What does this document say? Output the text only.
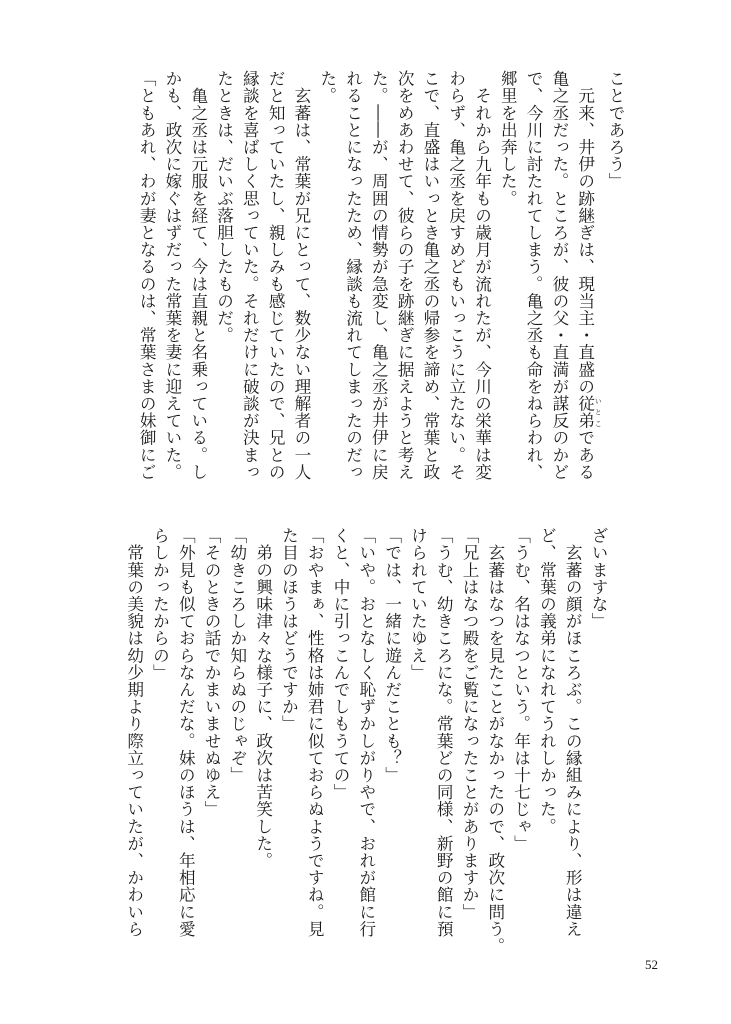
ことであろう」

　元来、井伊の跡継ぎは、現当主・直盛の従弟 いとこである

亀之丞だった。ところが、彼の父・直満が謀反のかど

で、今川に討たれてしまう。亀之丞も命をねらわれ、

郷里を出奔した。

　それから九年もの歳月が流れたが、今川の栄華は変

わらず、亀之丞を戻すめどもいっこうに立たない。そ

こで、直盛はいっとき亀之丞の帰参を諦め、常葉と政

次をめあわせて、彼らの子を跡継ぎに据えようと考え

た。――が、周囲の情勢が急変し、亀之丞が井伊に戻

れることになったため、縁談も流れてしまったのだっ

た。

　玄蕃は、常葉が兄にとって、数少ない理解者の一人

だと知っていたし、親しみも感じていたので、兄との

縁談を喜ばしく思っていた。それだけに破談が決まっ

たときは、だいぶ落胆したものだ。

　亀之丞は元服を経て、今は直親と名乗っている。し

かも、政次に嫁ぐはずだった常葉を妻に迎えていた。

「ともあれ、わが妻となるのは、常葉さまの妹御にご

ざいますな」

　玄蕃の顔がほころぶ。この縁組みにより、形は違え

ど、常葉の義弟になれてうれしかった。

「うむ、名はなつという。年は十七じゃ」

　玄蕃はなつを見たことがなかったので、政次に問う。

「兄上はなつ殿をご覧になったことがありますか」

「うむ、幼きころにな。常葉どの同様、新野の館に預

けられていたゆえ」

「では、一緒に遊んだことも？」

「いや。おとなしく恥ずかしがりやで、おれが館に行

くと、中に引っこんでしもうての」

「おやまぁ、性格は姉君に似ておらぬようですね。見

た目のほうはどうですか」

　弟の興味津々な様子に、政次は苦笑した。

「幼きころしか知らぬのじゃぞ」

「そのときの話でかまいませぬゆえ」

「外見も似ておらなんだな。妹のほうは、年相応に愛

らしかったからの」

　常葉の美貌は幼少期より際立っていたが、かわいら

52
